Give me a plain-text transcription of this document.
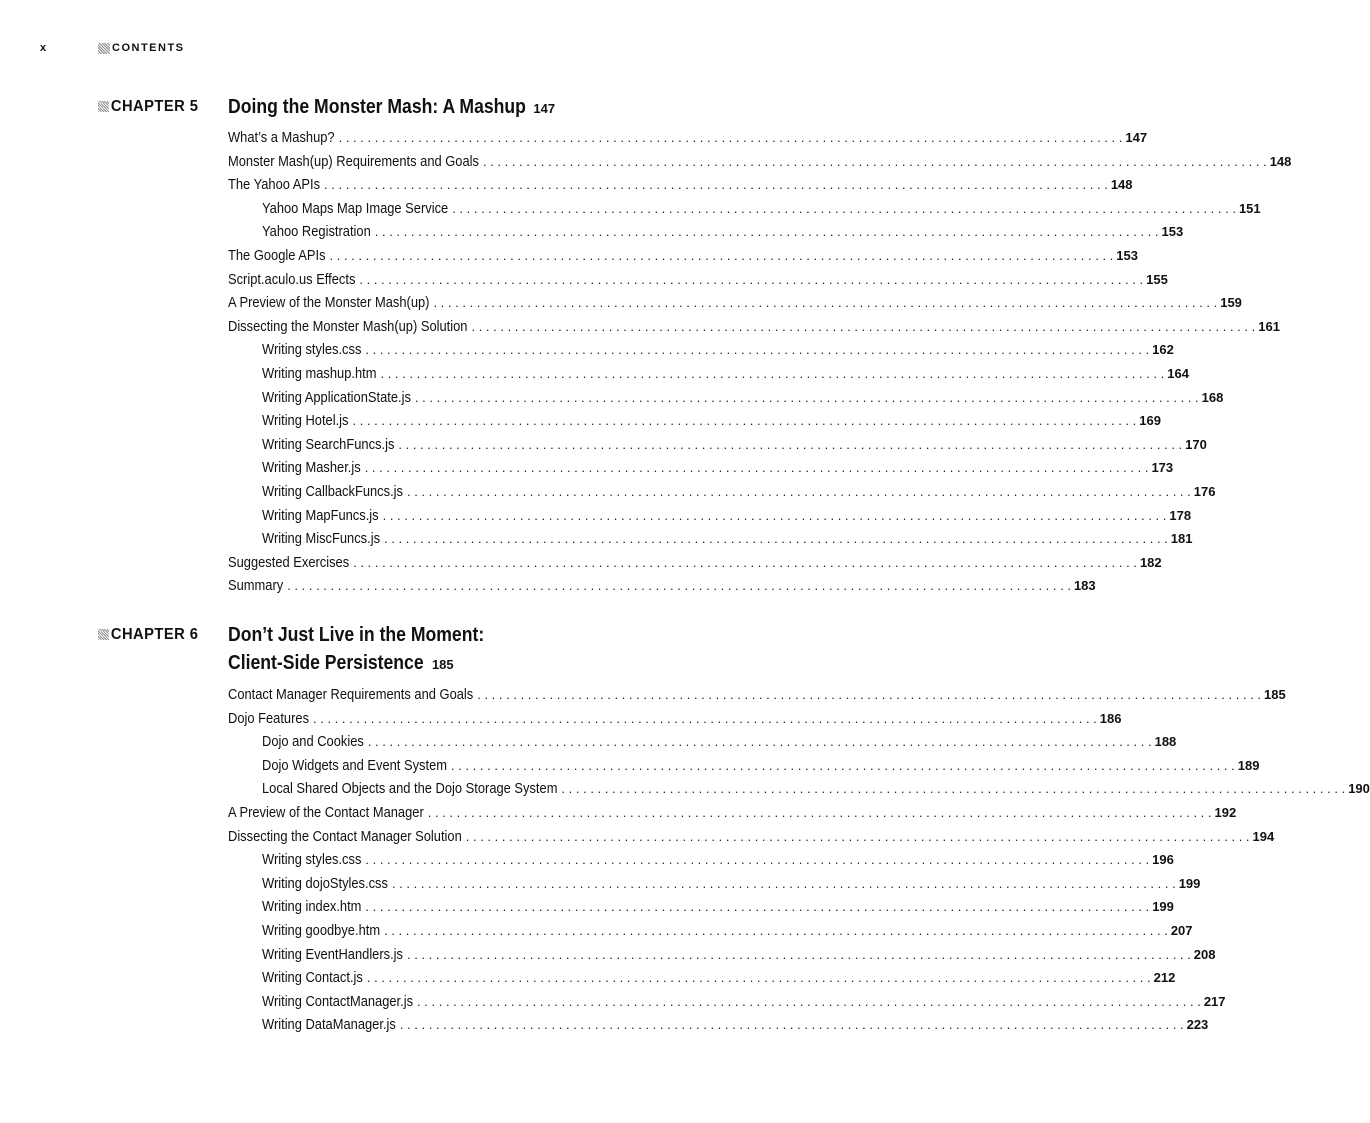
x	CONTENTS
CHAPTER 5 Doing the Monster Mash: A Mashup 147
What’s a Mashup? . . .	147
Monster Mash(up) Requirements and Goals . . .	148
The Yahoo APIs . . .	148
Yahoo Maps Map Image Service . . .	151
Yahoo Registration . . .	153
The Google APIs . . .	153
Script.aculo.us Effects . . .	155
A Preview of the Monster Mash(up) . . .	159
Dissecting the Monster Mash(up) Solution . . .	161
Writing styles.css . . .	162
Writing mashup.htm . . .	164
Writing ApplicationState.js . . .	168
Writing Hotel.js . . .	169
Writing SearchFuncs.js . . .	170
Writing Masher.js . . .	173
Writing CallbackFuncs.js . . .	176
Writing MapFuncs.js . . .	178
Writing MiscFuncs.js . . .	181
Suggested Exercises . . .	182
Summary . . .	183
CHAPTER 6 Don’t Just Live in the Moment:
Client-Side Persistence 185
Contact Manager Requirements and Goals . . .	185
Dojo Features . . .	186
Dojo and Cookies . . .	188
Dojo Widgets and Event System . . .	189
Local Shared Objects and the Dojo Storage System . . .	190
A Preview of the Contact Manager . . .	192
Dissecting the Contact Manager Solution . . .	194
Writing styles.css . . .	196
Writing dojoStyles.css . . .	199
Writing index.htm . . .	199
Writing goodbye.htm . . .	207
Writing EventHandlers.js . . .	208
Writing Contact.js . . .	212
Writing ContactManager.js . . .	217
Writing DataManager.js . . .	223
